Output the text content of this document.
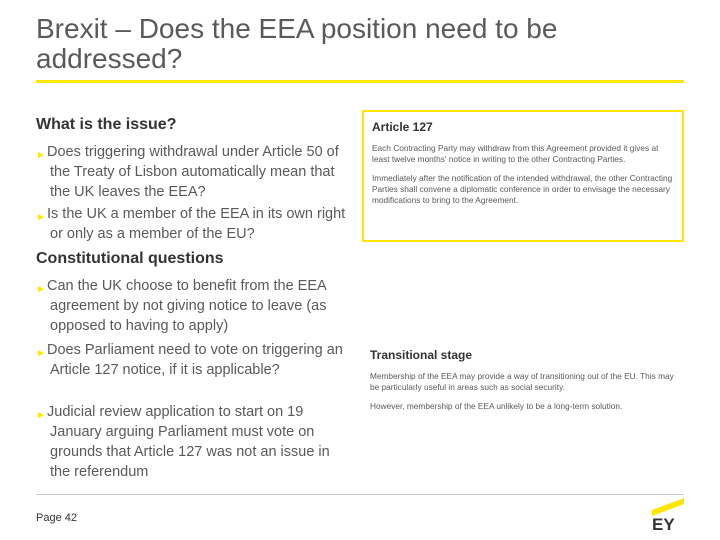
Brexit – Does the EEA position need to be addressed?
What is the issue?
► Does triggering withdrawal under Article 50 of the Treaty of Lisbon automatically mean that the UK leaves the EEA?
► Is the UK a member of the EEA in its own right or only as a member of the EU?
Constitutional questions
► Can the UK choose to benefit from the EEA agreement by not giving notice to leave (as opposed to having to apply)
► Does Parliament need to vote on triggering an Article 127 notice, if it is applicable?
► Judicial review application to start on 19 January arguing Parliament must vote on grounds that Article 127 was not an issue in the referendum

Article 127

Each Contracting Party may withdraw from this Agreement provided it gives at least twelve months' notice in writing to the other Contracting Parties.

Immediately after the notification of the intended withdrawal, the other Contracting Parties shall convene a diplomatic conference in order to envisage the necessary modifications to bring to the Agreement.

Transitional stage

Membership of the EEA may provide a way of transitioning out of the EU. This may be particularly useful in areas such as social security.

However, membership of the EEA unlikely to be a long-term solution.

Page 42	EY
